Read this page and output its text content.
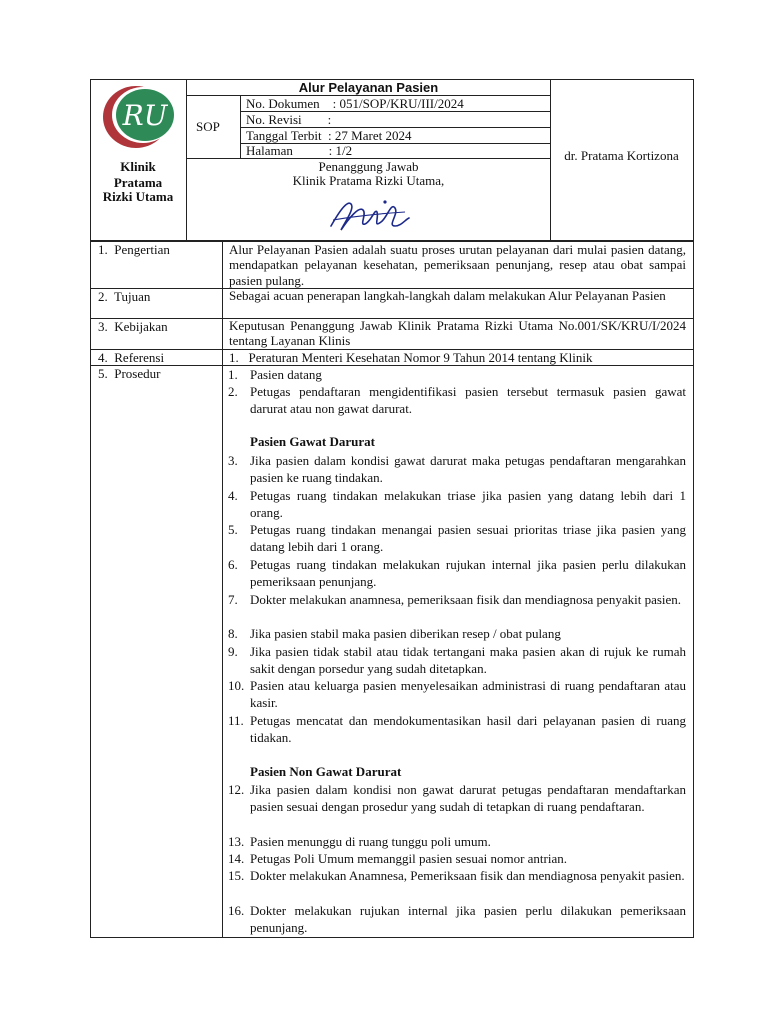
RU
Alur Pelayanan Pasien
SOP
No. Dokumen    : 051/SOP/KRU/III/2024
No. Revisi        :
Tanggal Terbit  : 27 Maret 2024
Halaman           : 1/2
Klinik
Pratama
Rizki Utama
Penanggung Jawab
Klinik Pratama Rizki Utama,
dr. Pratama Kortizona
1.  Pengertian
2.  Tujuan
3.  Kebijakan
4.  Referensi
5.  Prosedur
Alur Pelayanan Pasien adalah suatu proses urutan pelayanan dari mulai pasien datang, mendapatkan pelayanan kesehatan, pemeriksaan penunjang, resep atau obat sampai pasien pulang.
Sebagai acuan penerapan langkah-langkah dalam melakukan Alur Pelayanan Pasien
Keputusan Penanggung Jawab Klinik Pratama Rizki Utama No.001/SK/KRU/I/2024 tentang Layanan Klinis
1.   Peraturan Menteri Kesehatan Nomor 9 Tahun 2014 tentang Klinik
1. Pasien datang
2. Petugas pendaftaran mengidentifikasi pasien tersebut termasuk pasien gawat darurat atau non gawat darurat.
Pasien Gawat Darurat
3. Jika pasien dalam kondisi gawat darurat maka petugas pendaftaran mengarahkan pasien ke ruang tindakan.
4. Petugas ruang tindakan melakukan triase jika pasien yang datang lebih dari 1 orang.
5. Petugas ruang tindakan menangai pasien sesuai prioritas triase jika pasien yang datang lebih dari 1 orang.
6. Petugas ruang tindakan melakukan rujukan internal jika pasien perlu dilakukan pemeriksaan penunjang.
7. Dokter melakukan anamnesa, pemeriksaan fisik dan mendiagnosa penyakit pasien.
8. Jika pasien stabil maka pasien diberikan resep / obat pulang
9. Jika pasien tidak stabil atau tidak tertangani maka pasien akan di rujuk ke rumah sakit dengan porsedur yang sudah ditetapkan.
10. Pasien atau keluarga pasien menyelesaikan administrasi di ruang pendaftaran atau kasir.
11. Petugas mencatat dan mendokumentasikan hasil dari pelayanan pasien di ruang tidakan.
Pasien Non Gawat Darurat
12. Jika pasien dalam kondisi non gawat darurat petugas pendaftaran mendaftarkan pasien sesuai dengan prosedur yang sudah di tetapkan di ruang pendaftaran.
13. Pasien menunggu di ruang tunggu poli umum.
14. Petugas Poli Umum memanggil pasien sesuai nomor antrian.
15. Dokter melakukan Anamnesa, Pemeriksaan fisik dan mendiagnosa penyakit pasien.
16. Dokter melakukan rujukan internal jika pasien perlu dilakukan pemeriksaan penunjang.
